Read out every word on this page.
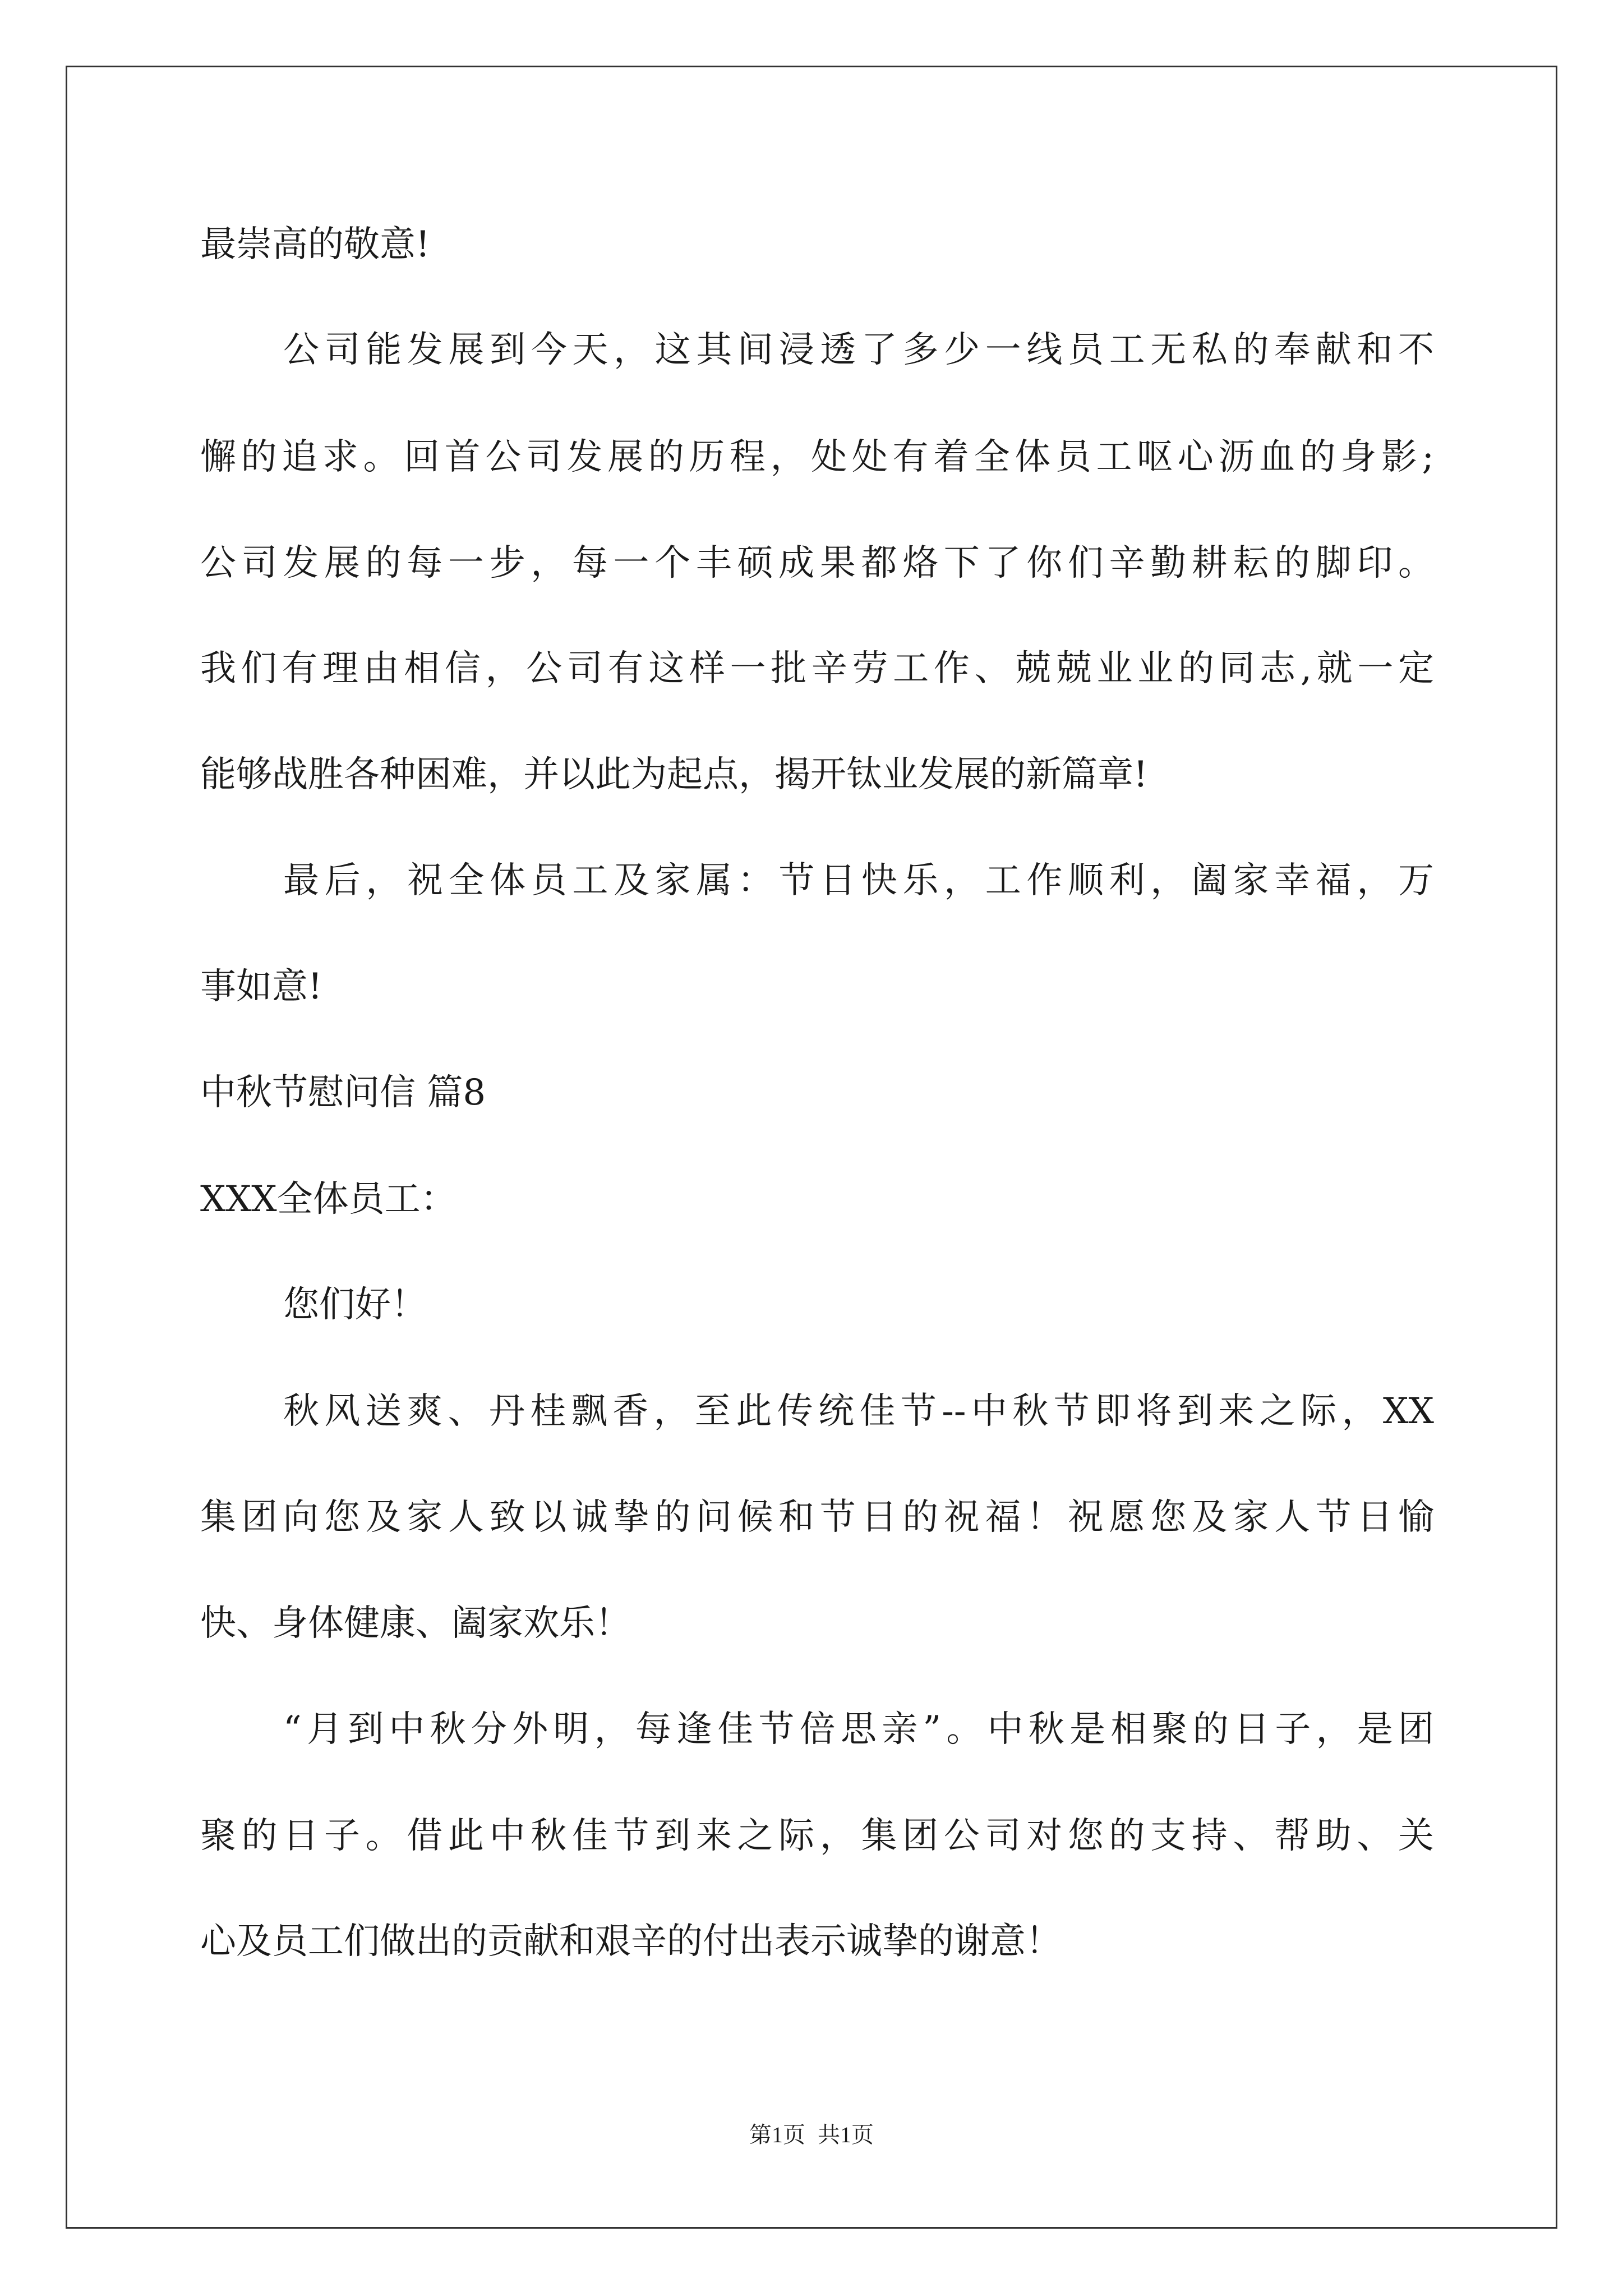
最崇高的敬意!
公司能发展到今天，这其间浸透了多少一线员工无私的奉献和不
懈的追求。回首公司发展的历程，处处有着全体员工呕心沥血的身影;
公司发展的每一步，每一个丰硕成果都烙下了你们辛勤耕耘的脚印。
我们有理由相信，公司有这样一批辛劳工作、兢兢业业的同志,就一定
能够战胜各种困难，并以此为起点，揭开钛业发展的新篇章!
最后，祝全体员工及家属：节日快乐，工作顺利，阖家幸福，万
事如意!
中秋节慰问信 篇8
XXX全体员工：
您们好！
秋风送爽、丹桂飘香，至此传统佳节--中秋节即将到来之际，XX
集团向您及家人致以诚挚的问候和节日的祝福！祝愿您及家人节日愉
快、身体健康、阖家欢乐！
“月到中秋分外明，每逢佳节倍思亲”。中秋是相聚的日子，是团
聚的日子。借此中秋佳节到来之际，集团公司对您的支持、帮助、关
心及员工们做出的贡献和艰辛的付出表示诚挚的谢意！
第1页 共1页
